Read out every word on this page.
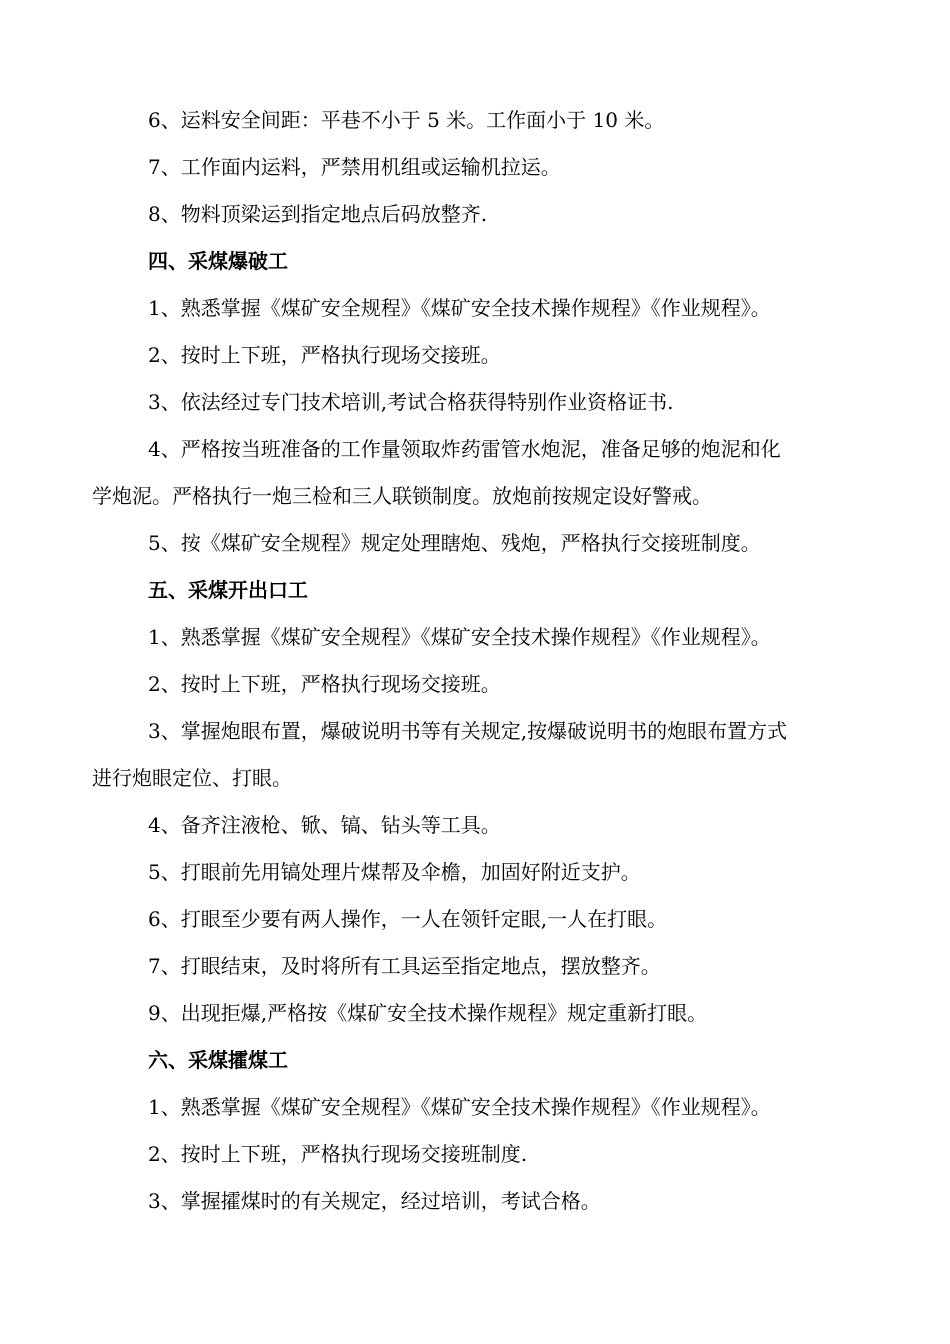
6、运料安全间距：平巷不小于 5 米。工作面小于 10 米。
7、工作面内运料，严禁用机组或运输机拉运。
8、物料顶梁运到指定地点后码放整齐.
四、采煤爆破工
1、熟悉掌握《煤矿安全规程》《煤矿安全技术操作规程》《作业规程》。
2、按时上下班，严格执行现场交接班。
3、依法经过专门技术培训,考试合格获得特别作业资格证书.
4、严格按当班准备的工作量领取炸药雷管水炮泥，准备足够的炮泥和化
学炮泥。严格执行一炮三检和三人联锁制度。放炮前按规定设好警戒。
5、按《煤矿安全规程》规定处理瞎炮、残炮，严格执行交接班制度。
五、采煤开出口工
1、熟悉掌握《煤矿安全规程》《煤矿安全技术操作规程》《作业规程》。
2、按时上下班，严格执行现场交接班。
3、掌握炮眼布置，爆破说明书等有关规定,按爆破说明书的炮眼布置方式
进行炮眼定位、打眼。
4、备齐注液枪、锨、镐、钻头等工具。
5、打眼前先用镐处理片煤帮及伞檐，加固好附近支护。
6、打眼至少要有两人操作，一人在领钎定眼,一人在打眼。
7、打眼结束，及时将所有工具运至指定地点，摆放整齐。
9、出现拒爆,严格按《煤矿安全技术操作规程》规定重新打眼。
六、采煤攉煤工
1、熟悉掌握《煤矿安全规程》《煤矿安全技术操作规程》《作业规程》。
2、按时上下班，严格执行现场交接班制度.
3、掌握攉煤时的有关规定，经过培训，考试合格。
